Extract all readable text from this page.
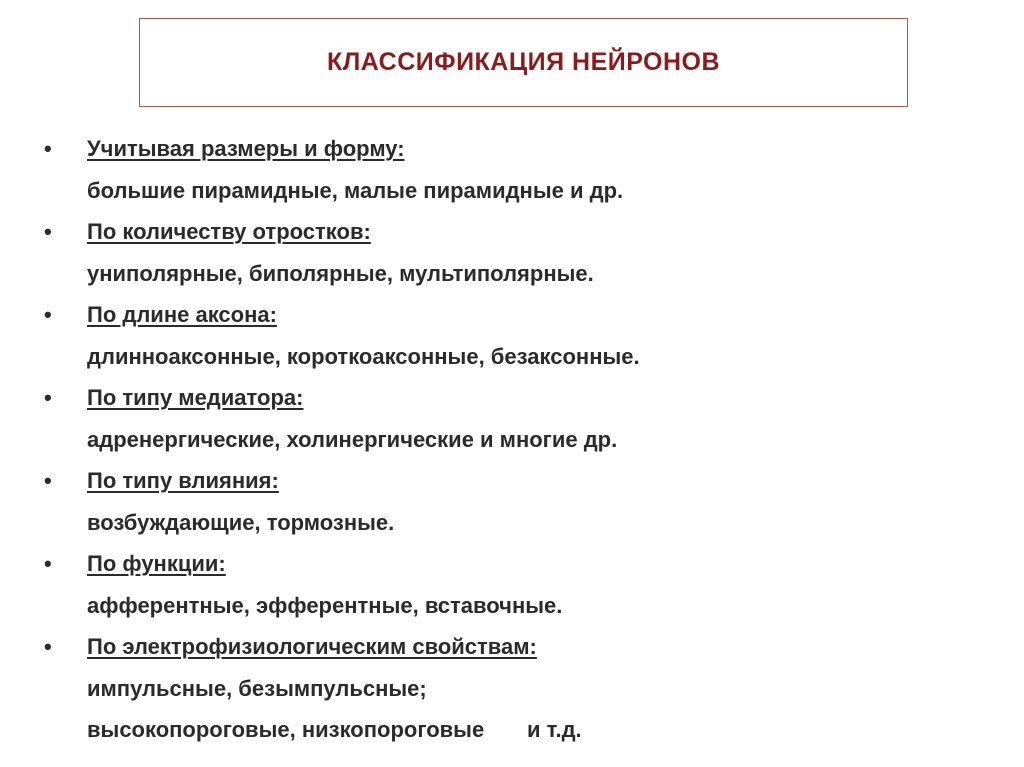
КЛАССИФИКАЦИЯ НЕЙРОНОВ
• Учитывая размеры и форму:
большие пирамидные, малые пирамидные и др.
• По количеству отростков:
униполярные, биполярные, мультиполярные.
• По длине аксона:
длинноаксонные, короткоаксонные, безаксонные.
• По типу медиатора:
адренергические, холинергические и многие др.
• По типу влияния:
возбуждающие, тормозные.
• По функции:
афферентные, эфферентные, вставочные.
• По электрофизиологическим свойствам:
импульсные, безымпульсные;
высокопороговые, низкопороговые       и т.д.
